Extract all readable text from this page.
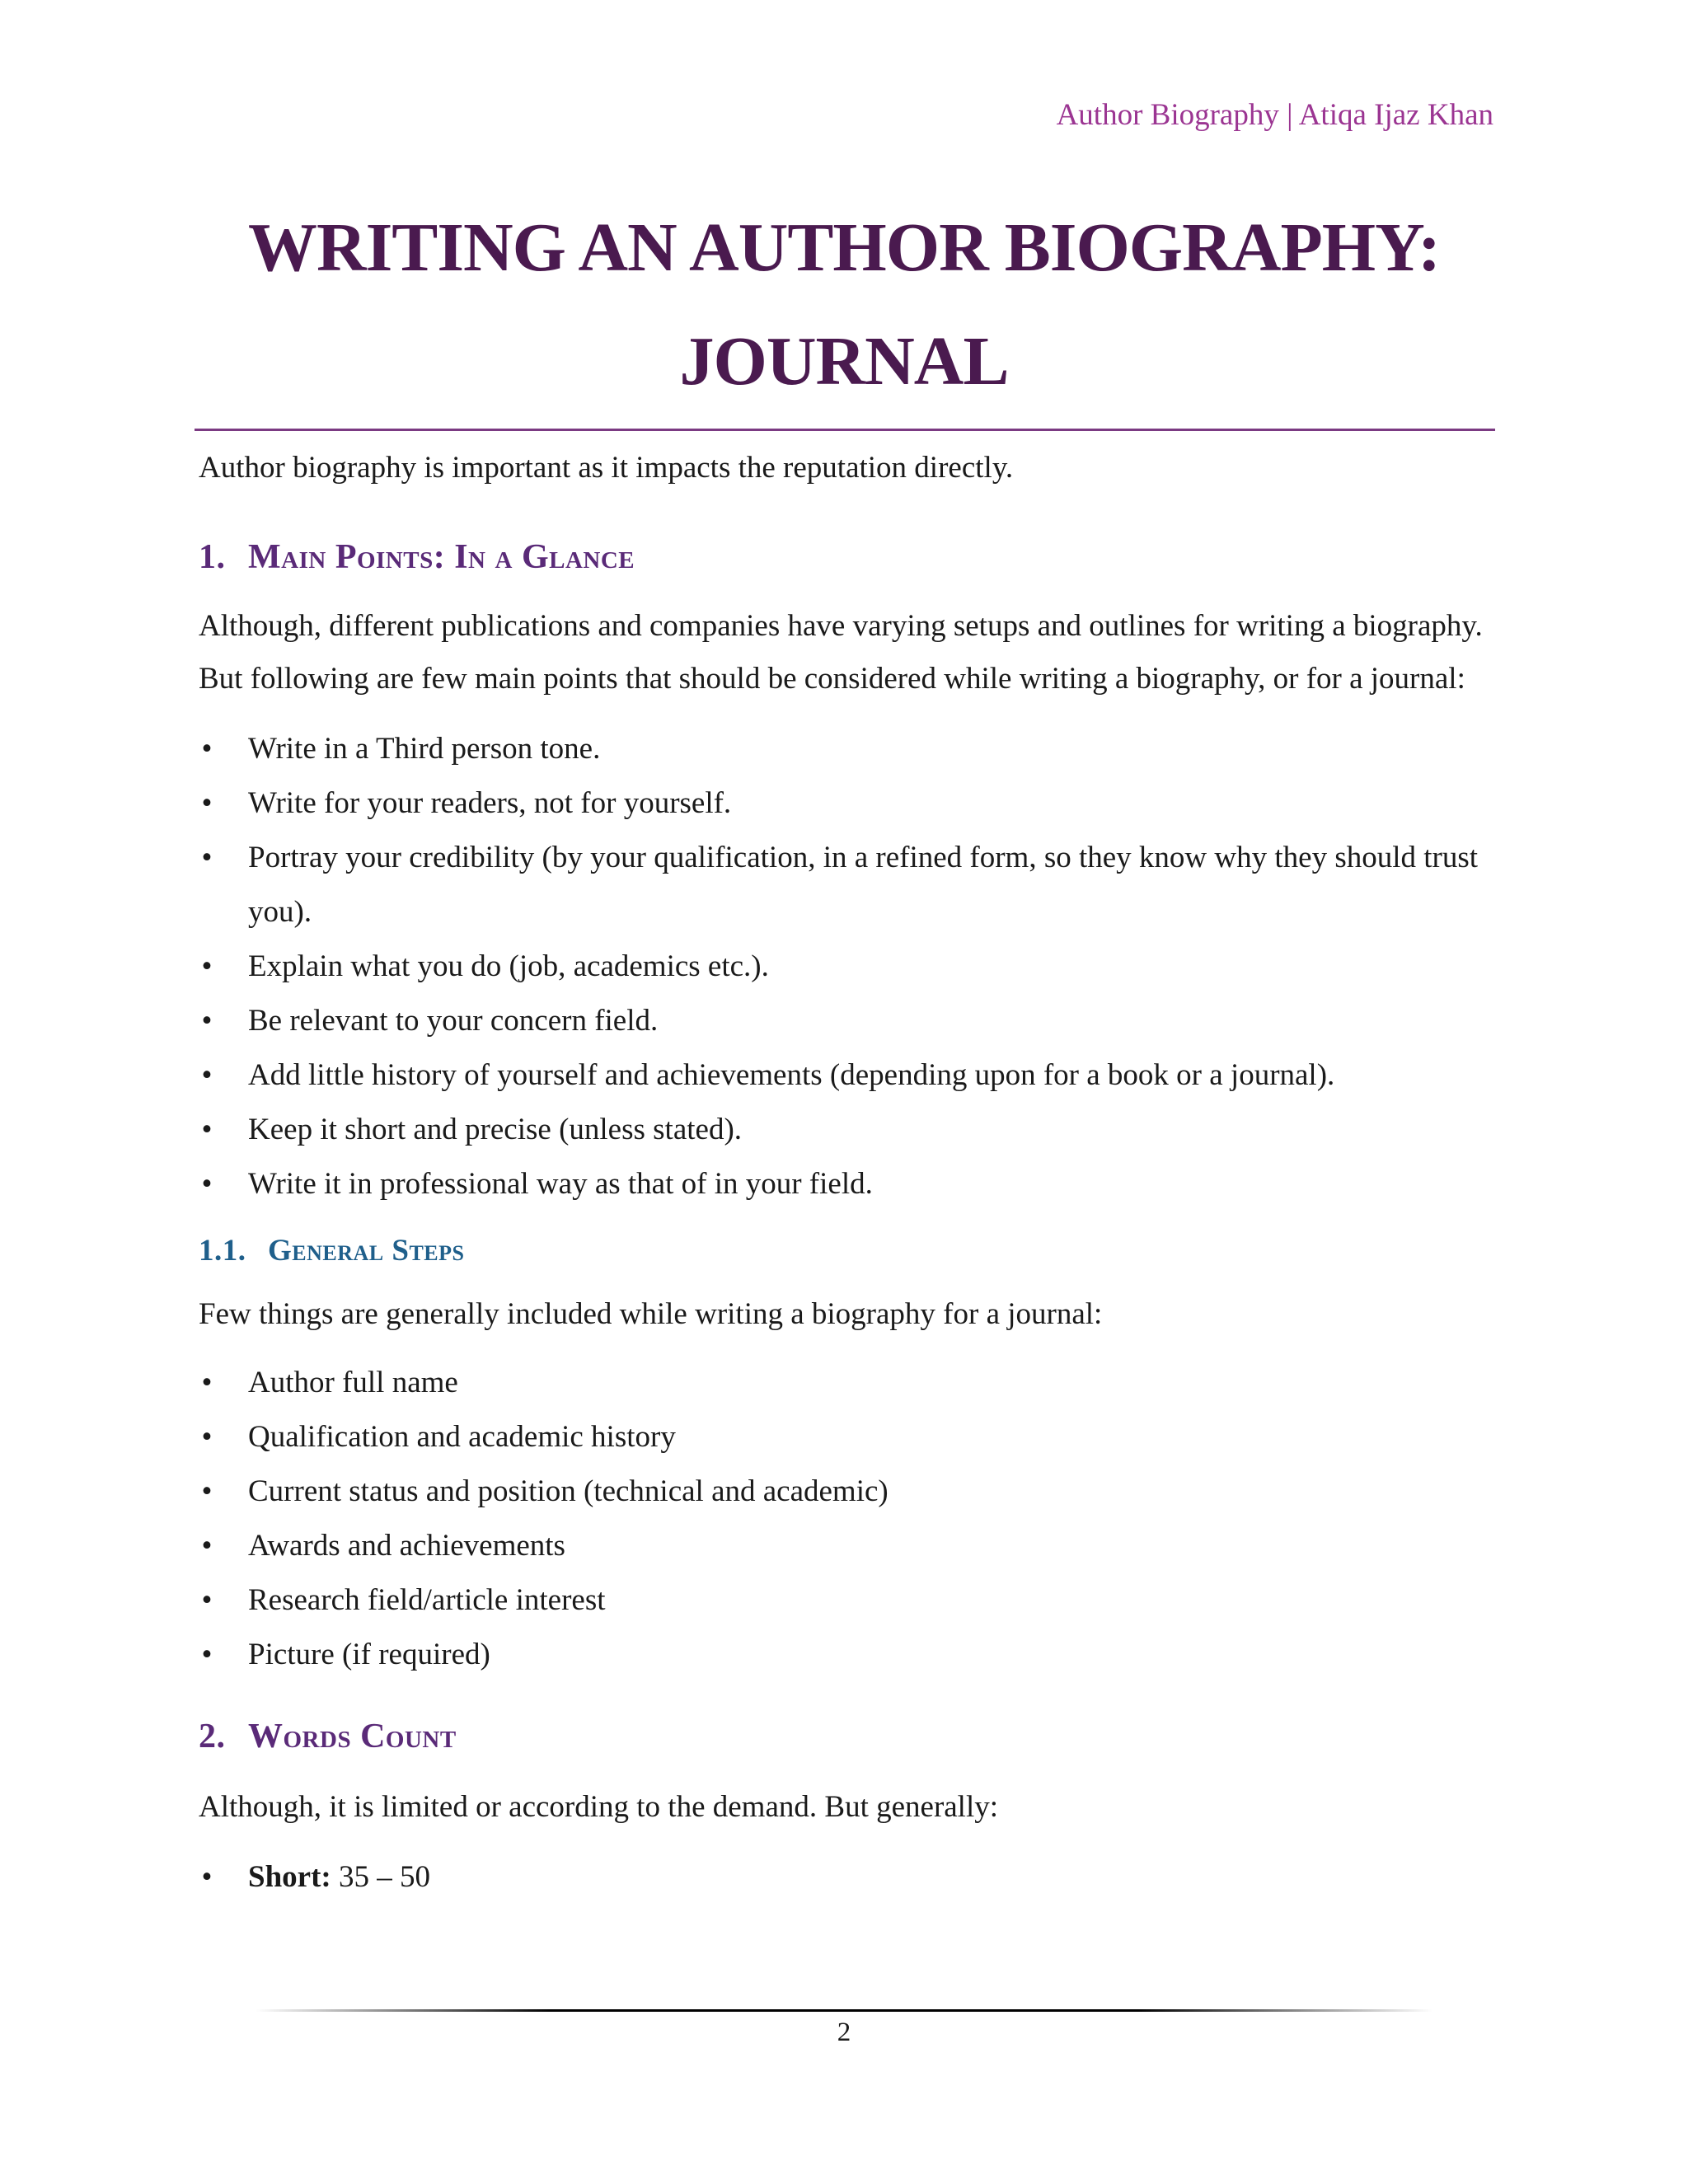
Author Biography | Atiqa Ijaz Khan
WRITING AN AUTHOR BIOGRAPHY:
JOURNAL

Author biography is important as it impacts the reputation directly.

1. Main Points: In a Glance

Although, different publications and companies have varying setups and outlines for writing a biography. But following are few main points that should be considered while writing a biography, or for a journal:

• Write in a Third person tone.
• Write for your readers, not for yourself.
• Portray your credibility (by your qualification, in a refined form, so they know why they should trust you).
• Explain what you do (job, academics etc.).
• Be relevant to your concern field.
• Add little history of yourself and achievements (depending upon for a book or a journal).
• Keep it short and precise (unless stated).
• Write it in professional way as that of in your field.
1.1. General Steps

Few things are generally included while writing a biography for a journal:

• Author full name
• Qualification and academic history
• Current status and position (technical and academic)
• Awards and achievements
• Research field/article interest
• Picture (if required)
2. Words Count

Although, it is limited or according to the demand. But generally:

• Short: 35 – 50
2
